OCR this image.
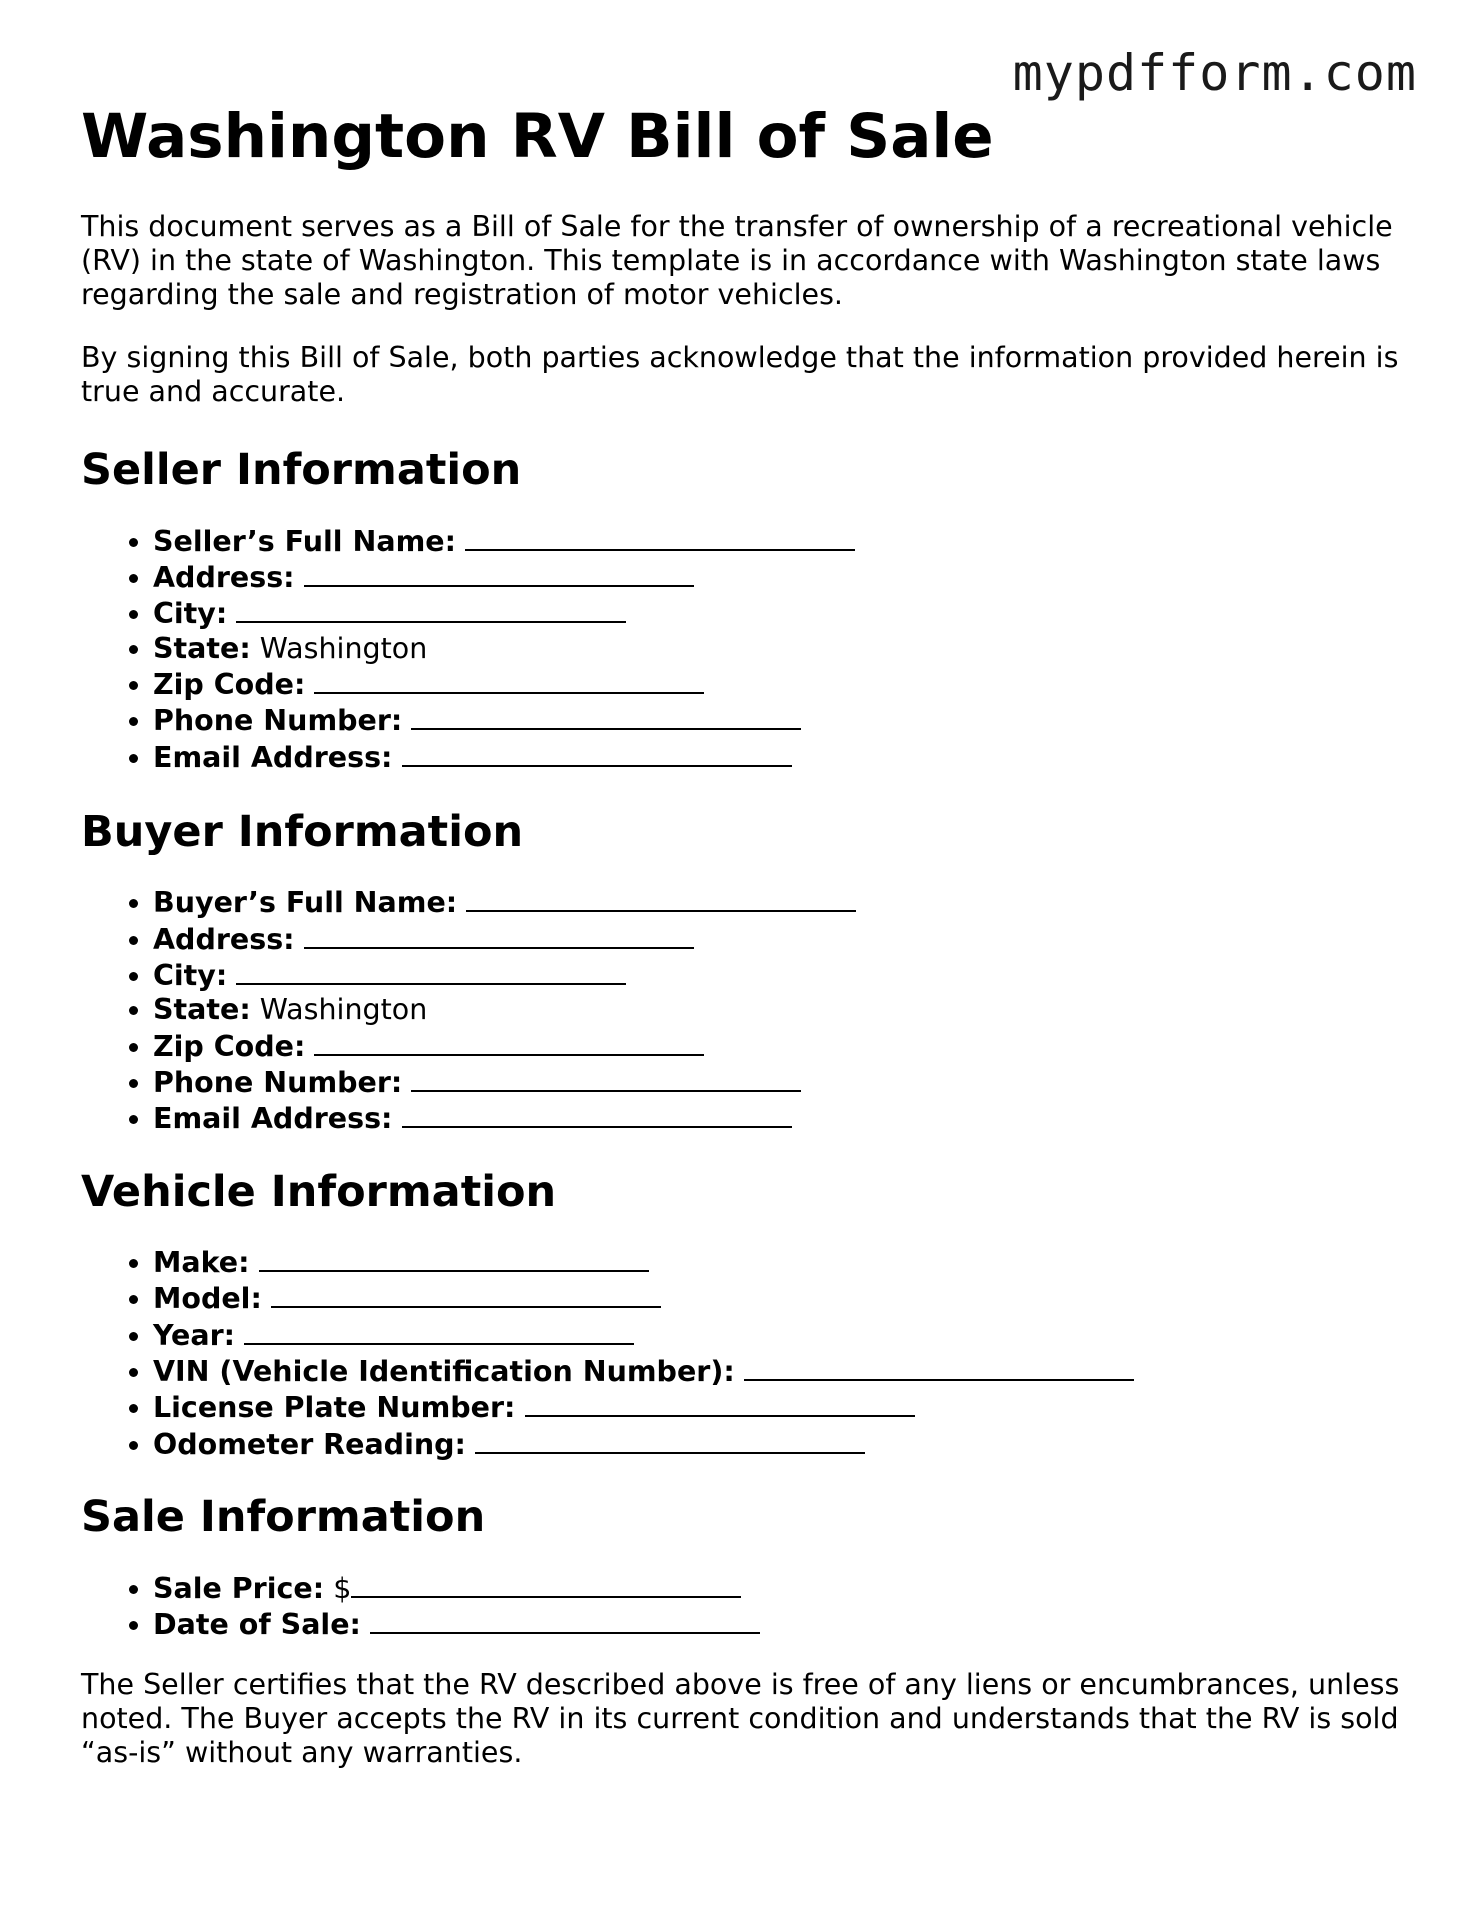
mypdfform.com
Washington RV Bill of Sale

This document serves as a Bill of Sale for the transfer of ownership of a recreational vehicle (RV) in the state of Washington. This template is in accordance with Washington state laws regarding the sale and registration of motor vehicles.

By signing this Bill of Sale, both parties acknowledge that the information provided herein is true and accurate.

Seller Information
• Seller’s Full Name:
• Address:
• City:
• State: Washington
• Zip Code:
• Phone Number:
• Email Address:
Buyer Information
• Buyer’s Full Name:
• Address:
• City:
• State: Washington
• Zip Code:
• Phone Number:
• Email Address:
Vehicle Information
• Make:
• Model:
• Year:
• VIN (Vehicle Identification Number):
• License Plate Number:
• Odometer Reading:
Sale Information
• Sale Price: $
• Date of Sale:

The Seller certifies that the RV described above is free of any liens or encumbrances, unless noted. The Buyer accepts the RV in its current condition and understands that the RV is sold “as-is” without any warranties.
